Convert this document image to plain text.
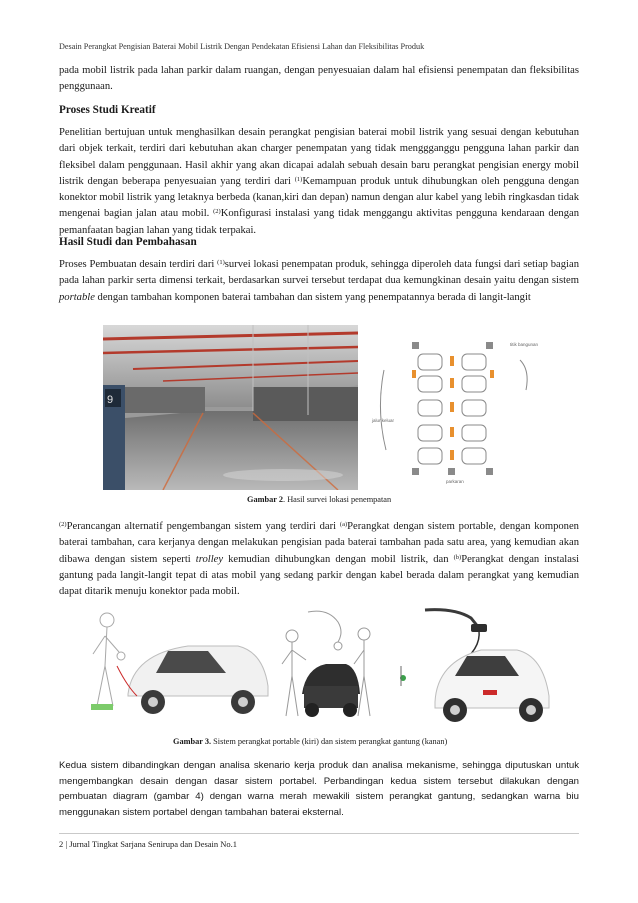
Desain Perangkat Pengisian Baterai Mobil Listrik Dengan Pendekatan Efisiensi Lahan dan Fleksibilitas Produk

pada mobil listrik pada lahan parkir dalam ruangan, dengan penyesuaian dalam hal efisiensi penempatan dan fleksibilitas penggunaan.

Proses Studi Kreatif

Penelitian bertujuan untuk menghasilkan desain perangkat pengisian baterai mobil listrik yang sesuai dengan kebutuhan dari objek terkait, terdiri dari kebutuhan akan charger penempatan yang tidak menggganggu pengguna lahan parkir dan fleksibel dalam penggunaan. Hasil akhir yang akan dicapai adalah sebuah desain baru perangkat pengisian energy mobil listrik dengan beberapa penyesuaian yang terdiri dari $^{(1)}$Kemampuan produk untuk dihubungkan oleh pengguna dengan konektor mobil listrik yang letaknya berbeda (kanan,kiri dan depan) namun dengan alur kabel yang lebih ringkasdan tidak mengenai bagian jalan atau mobil. $^{(2)}$Konfigurasi instalasi yang tidak menggangu aktivitas pengguna kendaraan dengan pemanfaatan bagian lahan yang tidak terpakai.

Hasil Studi dan Pembahasan

Proses Pembuatan desain terdiri dari $^{(1)}$survei lokasi penempatan produk, sehingga diperoleh data fungsi dari setiap bagian pada lahan parkir serta dimensi terkait, berdasarkan survei tersebut terdapat dua kemungkinan desain yaitu dengan sistem portable dengan tambahan komponen baterai tambahan dan sistem yang penempatannya berada di langit-langit

9
titik bangunan
jalur keluar
parkaran
Gambar 2. Hasil survei lokasi penempatan

$^{(2)}$Perancangan alternatif pengembangan sistem yang terdiri dari $^{(a)}$Perangkat dengan sistem portable, dengan komponen baterai tambahan, cara kerjanya dengan melakukan pengisian pada baterai tambahan pada satu area, yang kemudian akan dibawa dengan sistem seperti trolley kemudian dihubungkan dengan mobil listrik, dan $^{(b)}$Perangkat dengan instalasi gantung pada langit-langit tepat di atas mobil yang sedang parkir dengan kabel berada dalam perangkat yang kemudian dapat ditarik menuju konektor pada mobil.

Gambar 3. Sistem perangkat portable (kiri) dan sistem perangkat gantung (kanan)

Kedua sistem dibandingkan dengan analisa skenario kerja produk dan analisa mekanisme, sehingga diputuskan untuk mengembangkan desain dengan dasar sistem portabel. Perbandingan kedua sistem tersebut dilakukan dengan pembuatan diagram (gambar 4) dengan warna merah mewakili sistem perangkat gantung, sedangkan warna biu menggunakan sistem portabel dengan tambahan baterai eksternal.

2 | Jurnal Tingkat Sarjana Senirupa dan Desain No.1
